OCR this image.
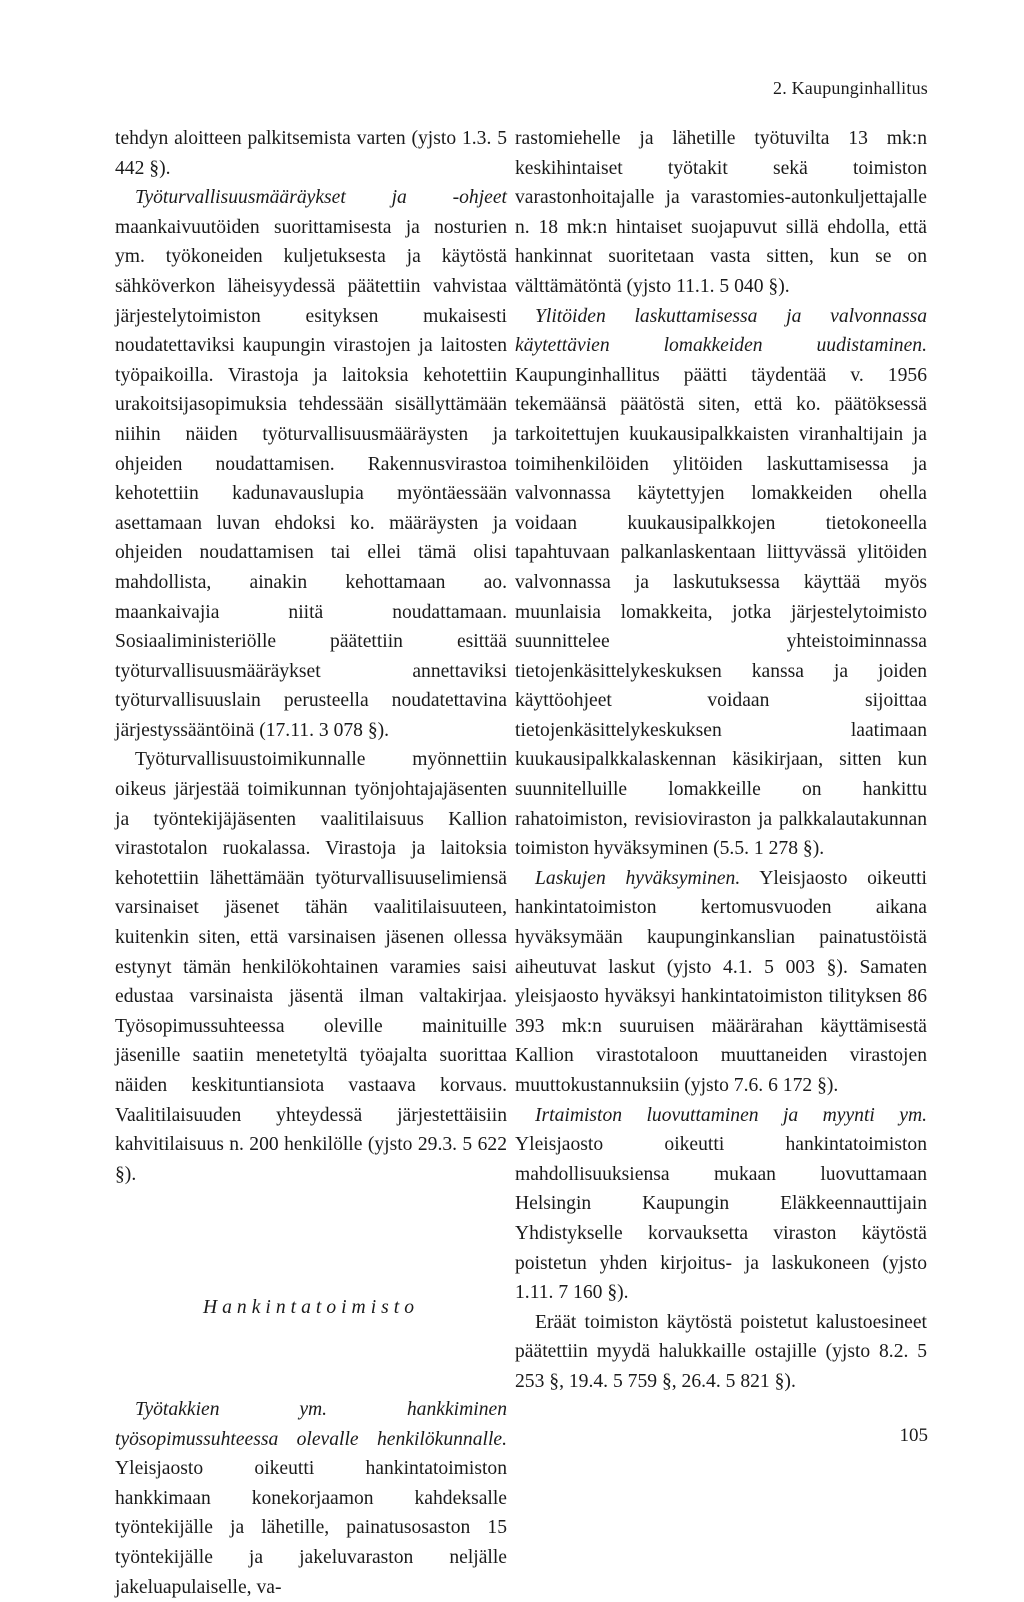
2. Kaupunginhallitus

tehdyn aloitteen palkitsemista varten (yjsto 1.3. 5 442 §).

Työturvallisuusmääräykset ja -ohjeet maankaivuutöiden suorittamisesta ja nosturien ym. työkoneiden kuljetuksesta ja käytöstä sähköverkon läheisyydessä päätettiin vahvistaa järjestelytoimiston esityksen mukaisesti noudatettaviksi kaupungin virastojen ja laitosten työpaikoilla. Virastoja ja laitoksia kehotettiin urakoitsijasopimuksia tehdessään sisällyttämään niihin näiden työturvallisuusmääräysten ja ohjeiden noudattamisen. Rakennusvirastoa kehotettiin kadunavauslupia myöntäessään asettamaan luvan ehdoksi ko. määräysten ja ohjeiden noudattamisen tai ellei tämä olisi mahdollista, ainakin kehottamaan ao. maankaivajia niitä noudattamaan. Sosiaaliministeriölle päätettiin esittää työturvallisuusmääräykset annettaviksi työturvallisuuslain perusteella noudatettavina järjestyssääntöinä (17.11. 3 078 §).

Työturvallisuustoimikunnalle myönnettiin oikeus järjestää toimikunnan työnjohtajajäsenten ja työntekijäjäsenten vaalitilaisuus Kallion virastotalon ruokalassa. Virastoja ja laitoksia kehotettiin lähettämään työturvallisuuselimiensä varsinaiset jäsenet tähän vaalitilaisuuteen, kuitenkin siten, että varsinaisen jäsenen ollessa estynyt tämän henkilökohtainen varamies saisi edustaa varsinaista jäsentä ilman valtakirjaa. Työsopimussuhteessa oleville mainituille jäsenille saatiin menetetyltä työajalta suorittaa näiden keskituntiansiota vastaava korvaus. Vaalitilaisuuden yhteydessä järjestettäisiin kahvitilaisuus n. 200 henkilölle (yjsto 29.3. 5 622 §).

Hankintatoimisto

Työtakkien ym. hankkiminen työsopimussuhteessa olevalle henkilökunnalle. Yleisjaosto oikeutti hankintatoimiston hankkimaan konekorjaamon kahdeksalle työntekijälle ja lähetille, painatusosaston 15 työntekijälle ja jakeluvaraston neljälle jakeluapulaiselle, va-

rastomiehelle ja lähetille työtuvilta 13 mk:n keskihintaiset työtakit sekä toimiston varastonhoitajalle ja varastomies-autonkuljettajalle n. 18 mk:n hintaiset suojapuvut sillä ehdolla, että hankinnat suoritetaan vasta sitten, kun se on välttämätöntä (yjsto 11.1. 5 040 §).

Ylitöiden laskuttamisessa ja valvonnassa käytettävien lomakkeiden uudistaminen. Kaupunginhallitus päätti täydentää v. 1956 tekemäänsä päätöstä siten, että ko. päätöksessä tarkoitettujen kuukausipalkkaisten viranhaltijain ja toimihenkilöiden ylitöiden laskuttamisessa ja valvonnassa käytettyjen lomakkeiden ohella voidaan kuukausipalkkojen tietokoneella tapahtuvaan palkanlaskentaan liittyvässä ylitöiden valvonnassa ja laskutuksessa käyttää myös muunlaisia lomakkeita, jotka järjestelytoimisto suunnittelee yhteistoiminnassa tietojenkäsittelykeskuksen kanssa ja joiden käyttöohjeet voidaan sijoittaa tietojenkäsittelykeskuksen laatimaan kuukausipalkkalaskennan käsikirjaan, sitten kun suunnitelluille lomakkeille on hankittu rahatoimiston, revisioviraston ja palkkalautakunnan toimiston hyväksyminen (5.5. 1 278 §).

Laskujen hyväksyminen. Yleisjaosto oikeutti hankintatoimiston kertomusvuoden aikana hyväksymään kaupunginkanslian painatustöistä aiheutuvat laskut (yjsto 4.1. 5 003 §). Samaten yleisjaosto hyväksyi hankintatoimiston tilityksen 86 393 mk:n suuruisen määrärahan käyttämisestä Kallion virastotaloon muuttaneiden virastojen muuttokustannuksiin (yjsto 7.6. 6 172 §).

Irtaimiston luovuttaminen ja myynti ym. Yleisjaosto oikeutti hankintatoimiston mahdollisuuksiensa mukaan luovuttamaan Helsingin Kaupungin Eläkkeennauttijain Yhdistykselle korvauksetta viraston käytöstä poistetun yhden kirjoitus- ja laskukoneen (yjsto 1.11. 7 160 §).

Eräät toimiston käytöstä poistetut kalustoesineet päätettiin myydä halukkaille ostajille (yjsto 8.2. 5 253 §, 19.4. 5 759 §, 26.4. 5 821 §).

105
